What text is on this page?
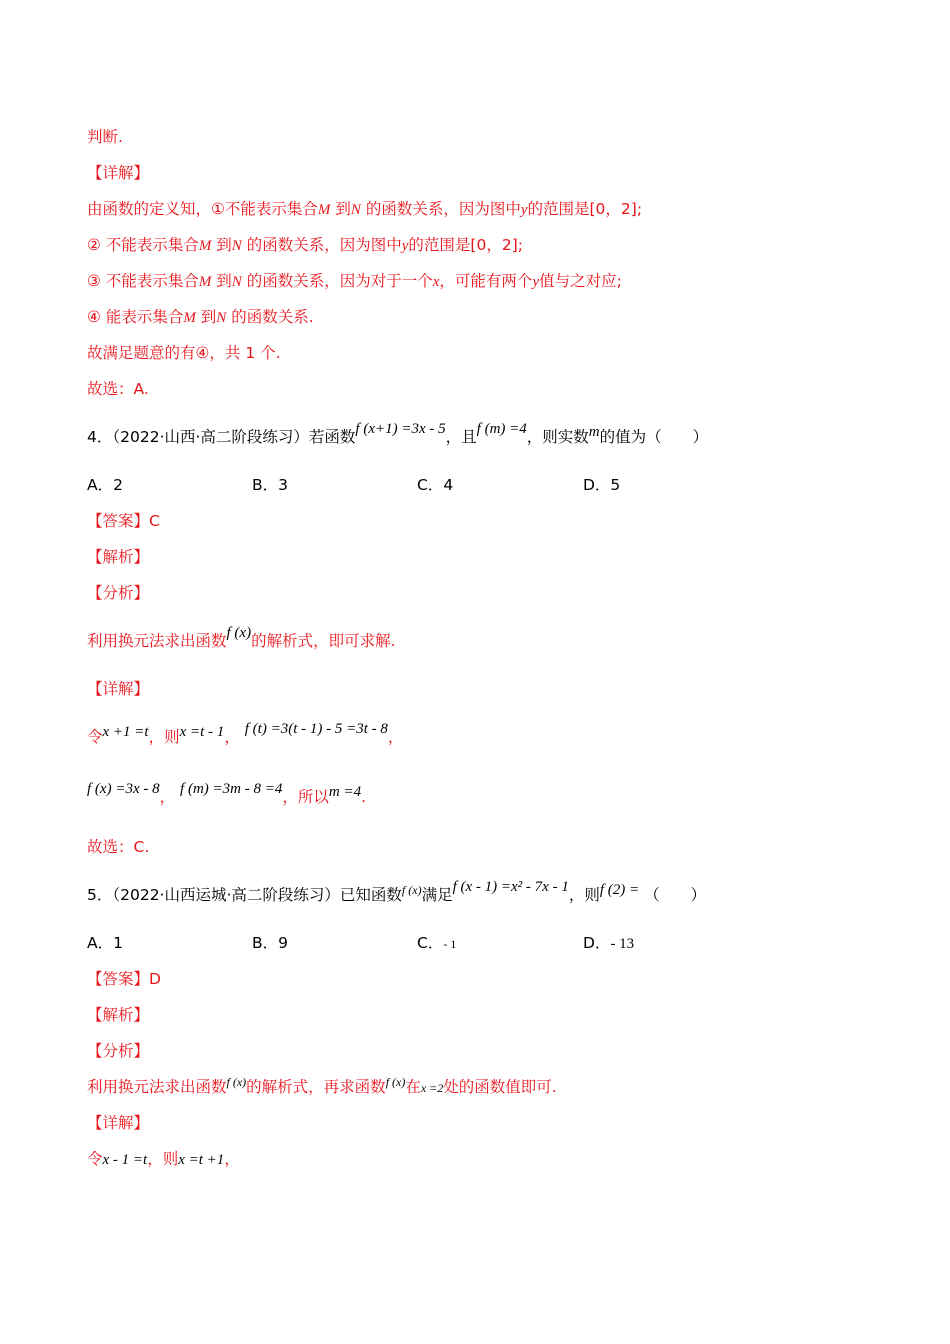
判断.
【详解】
由函数的定义知，①不能表示集合M 到N 的函数关系，因为图中y的范围是[0，2];
② 不能表示集合M 到N 的函数关系，因为图中y的范围是[0，2];
③ 不能表示集合M 到N 的函数关系，因为对于一个x，可能有两个y值与之对应;
④ 能表示集合M 到N 的函数关系.
故满足题意的有④，共 1 个.
故选：A.
4．（2022·山西·高二阶段练习）若函数f (x+1) =3x - 5，且f (m) =4，则实数m的值为（　　）
A．2	B．3	C．4	D．5
【答案】C
【解析】
【分析】
利用换元法求出函数f (x)的解析式，即可求解.
【详解】
令x +1 =t，则x =t - 1， f (t) =3(t - 1) - 5 =3t - 8，
f (x) =3x - 8， f (m) =3m - 8 =4，所以m =4.
故选：C.
5．（2022·山西运城·高二阶段练习）已知函数$^{f (x)}$满足f (x - 1) =x² - 7x - 1，则f (2) = （　　）
A．1	B．9	C．- 1	D．- 13
【答案】D
【解析】
【分析】
利用换元法求出函数$^{f (x)}$的解析式，再求函数$^{f (x)}$在x =2处的函数值即可.
【详解】
令x - 1 =t，则x =t +1，
